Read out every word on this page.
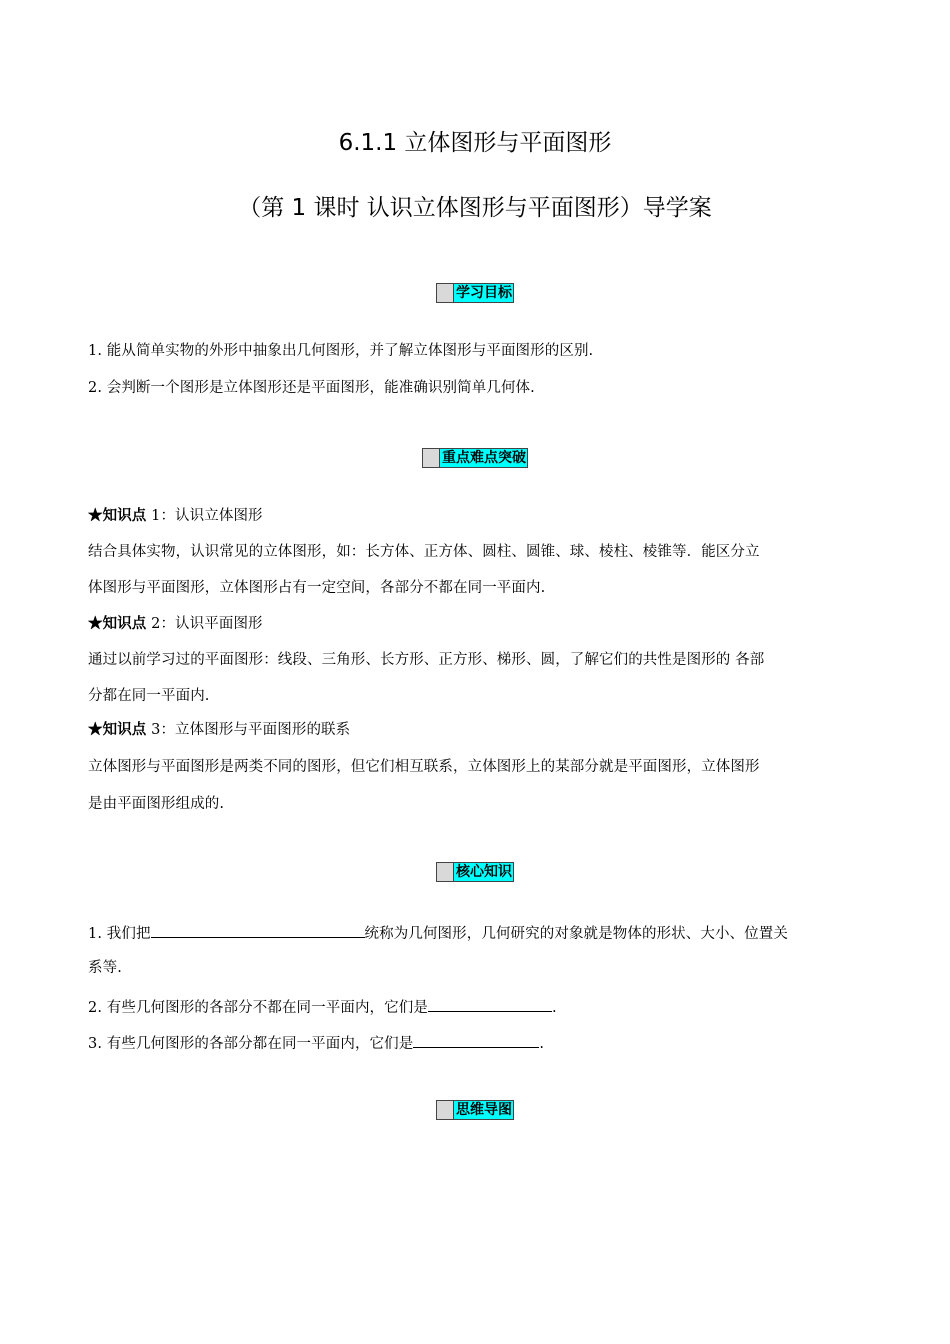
6.1.1 立体图形与平面图形
（第 1 课时 认识立体图形与平面图形）导学案
学习目标
1. 能从简单实物的外形中抽象出几何图形，并了解立体图形与平面图形的区别.
2. 会判断一个图形是立体图形还是平面图形，能准确识别简单几何体.
重点难点突破
★知识点 1：认识立体图形
结合具体实物，认识常见的立体图形，如：长方体、正方体、圆柱、圆锥、球、棱柱、棱锥等．能区分立
体图形与平面图形，立体图形占有一定空间，各部分不都在同一平面内.
★知识点 2：认识平面图形
通过以前学习过的平面图形：线段、三角形、长方形、正方形、梯形、圆，了解它们的共性是图形的 各部
分都在同一平面内.
★知识点 3：立体图形与平面图形的联系
立体图形与平面图形是两类不同的图形，但它们相互联系，立体图形上的某部分就是平面图形，立体图形
是由平面图形组成的.
核心知识
1. 我们把	统称为几何图形，几何研究的对象就是物体的形状、大小、位置关
系等.
2. 有些几何图形的各部分不都在同一平面内，它们是	.
3. 有些几何图形的各部分都在同一平面内，它们是	.
思维导图
